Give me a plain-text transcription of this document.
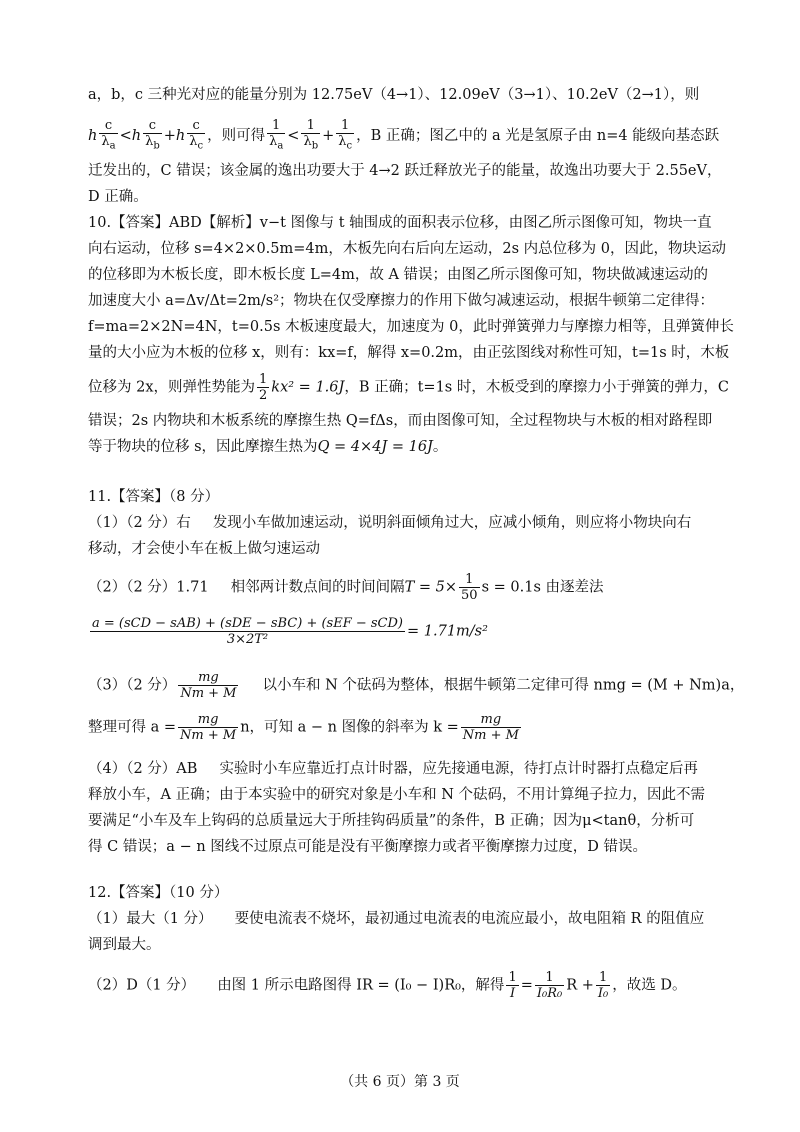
a，b，c 三种光对应的能量分别为 12.75eV（4→1）、12.09eV（3→1）、10.2eV（2→1），则
h $\frac{c}{\lambda_a} <h \frac{c}{\lambda_b} +h \frac{c}{\lambda_c}$ ，则可得 $\frac{1}{\lambda_a} < \frac{1}{\lambda_b} + \frac{1}{\lambda_c}$ ，B 正确；图乙中的 a 光是氢原子由 n=4 能级向基态跃
迁发出的，C 错误；该金属的逸出功要大于 4→2 跃迁释放光子的能量，故逸出功要大于 2.55eV，
D 正确。
10.【答案】ABD【解析】v−t 图像与 t 轴围成的面积表示位移，由图乙所示图像可知，物块一直
向右运动，位移 s=4×2×0.5m=4m，木板先向右后向左运动，2s 内总位移为 0，因此，物块运动
的位移即为木板长度，即木板长度 L=4m，故 A 错误；由图乙所示图像可知，物块做减速运动的
加速度大小 a=Δv/Δt=2m/s²；物块在仅受摩擦力的作用下做匀减速运动，根据牛顿第二定律得：
f=ma=2×2N=4N，t=0.5s 木板速度最大，加速度为 0，此时弹簧弹力与摩擦力相等，且弹簧伸长
量的大小应为木板的位移 x，则有：kx=f，解得 x=0.2m，由正弦图线对称性可知，t=1s 时，木板
位移为 2x，则弹性势能为 $\frac{1}{2} kx^2 = 1.6J$，B 正确；t=1s 时，木板受到的摩擦力小于弹簧的弹力，C
错误；2s 内物块和木板系统的摩擦生热 Q=fΔs，而由图像可知，全过程物块与木板的相对路程即
等于物块的位移 s，因此摩擦生热为Q = 4×4J = 16J。
11.【答案】（8 分）
（1）（2 分）右 发现小车做加速运动，说明斜面倾角过大，应减小倾角，则应将小物块向右
移动，才会使小车在板上做匀速运动
（2）（2 分）1.71 相邻两计数点间的时间间隔$T = 5\times \frac{1}{50}$ s = 0.1s 由逐差法
$\frac{\text{a = (sCD − sAB) + (sDE − sBC) + (sEF − sCD)}}{\text{3×2T²}} = 1.71m/s^2$
（3）（2 分） $\frac{mg}{Nm + M}$ 以小车和 N 个砝码为整体，根据牛顿第二定律可得 nmg = (M + Nm)a，
整理可得 $a = \frac{mg}{Nm + M}$ n，可知 a − n 图像的斜率为 $k = \frac{mg}{Nm + M}$
（4）（2 分）AB 实验时小车应靠近打点计时器，应先接通电源，待打点计时器打点稳定后再
释放小车，A 正确；由于本实验中的研究对象是小车和 N 个砝码，不用计算绳子拉力，因此不需
要满足“小车及车上钩码的总质量远大于所挂钩码质量”的条件，B 正确；因为μ<tanθ，分析可
得 C 错误；a − n 图线不过原点可能是没有平衡摩擦力或者平衡摩擦力过度，D 错误。
12.【答案】（10 分）
（1）最大（1 分） 要使电流表不烧坏，最初通过电流表的电流应最小，故电阻箱 R 的阻值应
调到最大。
（2）D（1 分） 由图 1 所示电路图得 IR = (I₀ − I)R₀，解得 $\frac{1}{I} = \frac{1}{\text{I₀R₀}}$ $R + \frac{1}{\text{I₀}}$ ，故选 D。
（共 6 页）第 3 页
